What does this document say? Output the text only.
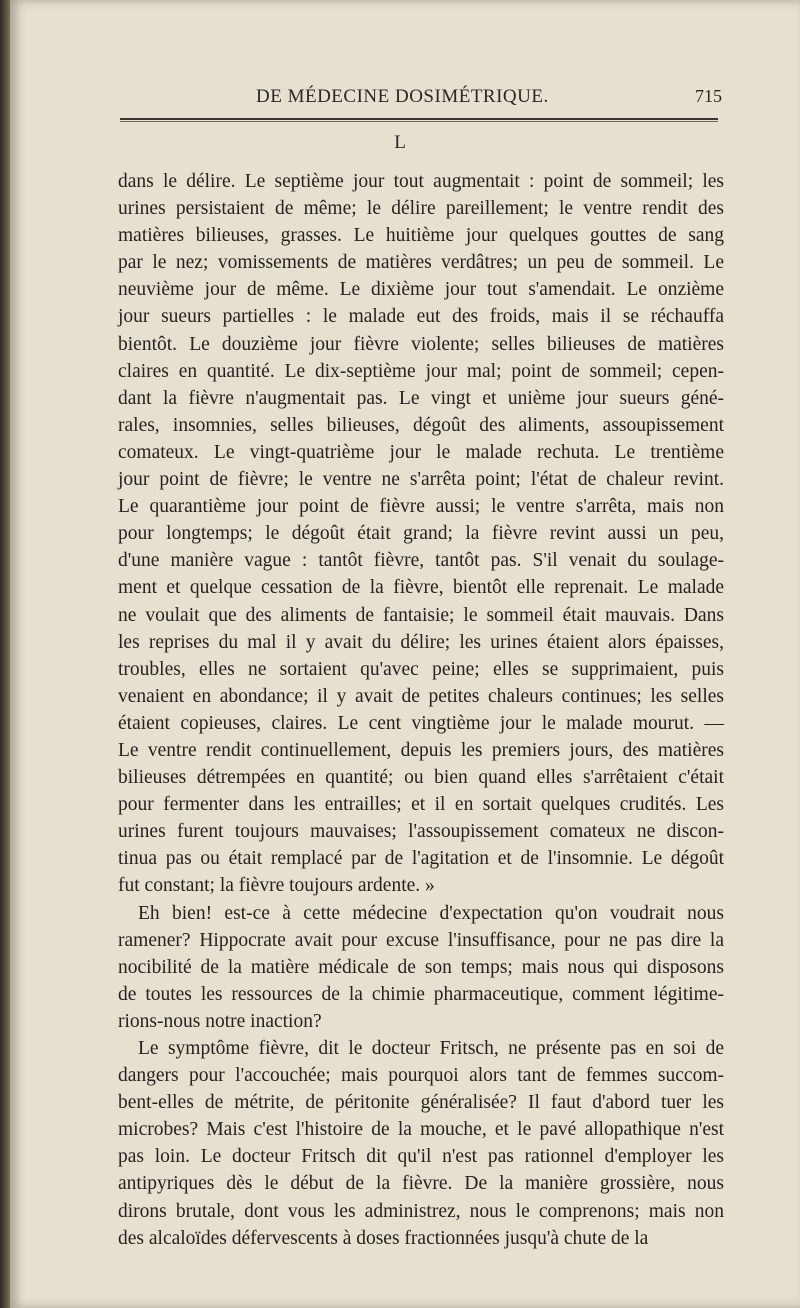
DE MÉDECINE DOSIMÉTRIQUE.	715
L
dans le délire. Le septième jour tout augmentait : point de sommeil; les
urines persistaient de même; le délire pareillement; le ventre rendit des
matières bilieuses, grasses. Le huitième jour quelques gouttes de sang
par le nez; vomissements de matières verdâtres; un peu de sommeil. Le
neuvième jour de même. Le dixième jour tout s'amendait. Le onzième
jour sueurs partielles : le malade eut des froids, mais il se réchauffa
bientôt. Le douzième jour fièvre violente; selles bilieuses de matières
claires en quantité. Le dix-septième jour mal; point de sommeil; cepen-
dant la fièvre n'augmentait pas. Le vingt et unième jour sueurs géné-
rales, insomnies, selles bilieuses, dégoût des aliments, assoupissement
comateux. Le vingt-quatrième jour le malade rechuta. Le trentième
jour point de fièvre; le ventre ne s'arrêta point; l'état de chaleur revint.
Le quarantième jour point de fièvre aussi; le ventre s'arrêta, mais non
pour longtemps; le dégoût était grand; la fièvre revint aussi un peu,
d'une manière vague : tantôt fièvre, tantôt pas. S'il venait du soulage-
ment et quelque cessation de la fièvre, bientôt elle reprenait. Le malade
ne voulait que des aliments de fantaisie; le sommeil était mauvais. Dans
les reprises du mal il y avait du délire; les urines étaient alors épaisses,
troubles, elles ne sortaient qu'avec peine; elles se supprimaient, puis
venaient en abondance; il y avait de petites chaleurs continues; les selles
étaient copieuses, claires. Le cent vingtième jour le malade mourut. —
Le ventre rendit continuellement, depuis les premiers jours, des matières
bilieuses détrempées en quantité; ou bien quand elles s'arrêtaient c'était
pour fermenter dans les entrailles; et il en sortait quelques crudités. Les
urines furent toujours mauvaises; l'assoupissement comateux ne discon-
tinua pas ou était remplacé par de l'agitation et de l'insomnie. Le dégoût
fut constant; la fièvre toujours ardente. »
Eh bien! est-ce à cette médecine d'expectation qu'on voudrait nous
ramener? Hippocrate avait pour excuse l'insuffisance, pour ne pas dire la
nocibilité de la matière médicale de son temps; mais nous qui disposons
de toutes les ressources de la chimie pharmaceutique, comment légitime-
rions-nous notre inaction?
Le symptôme fièvre, dit le docteur Fritsch, ne présente pas en soi de
dangers pour l'accouchée; mais pourquoi alors tant de femmes succom-
bent-elles de métrite, de péritonite généralisée? Il faut d'abord tuer les
microbes? Mais c'est l'histoire de la mouche, et le pavé allopathique n'est
pas loin. Le docteur Fritsch dit qu'il n'est pas rationnel d'employer les
antipyriques dès le début de la fièvre. De la manière grossière, nous
dirons brutale, dont vous les administrez, nous le comprenons; mais non
des alcaloïdes défervescents à doses fractionnées jusqu'à chute de la
